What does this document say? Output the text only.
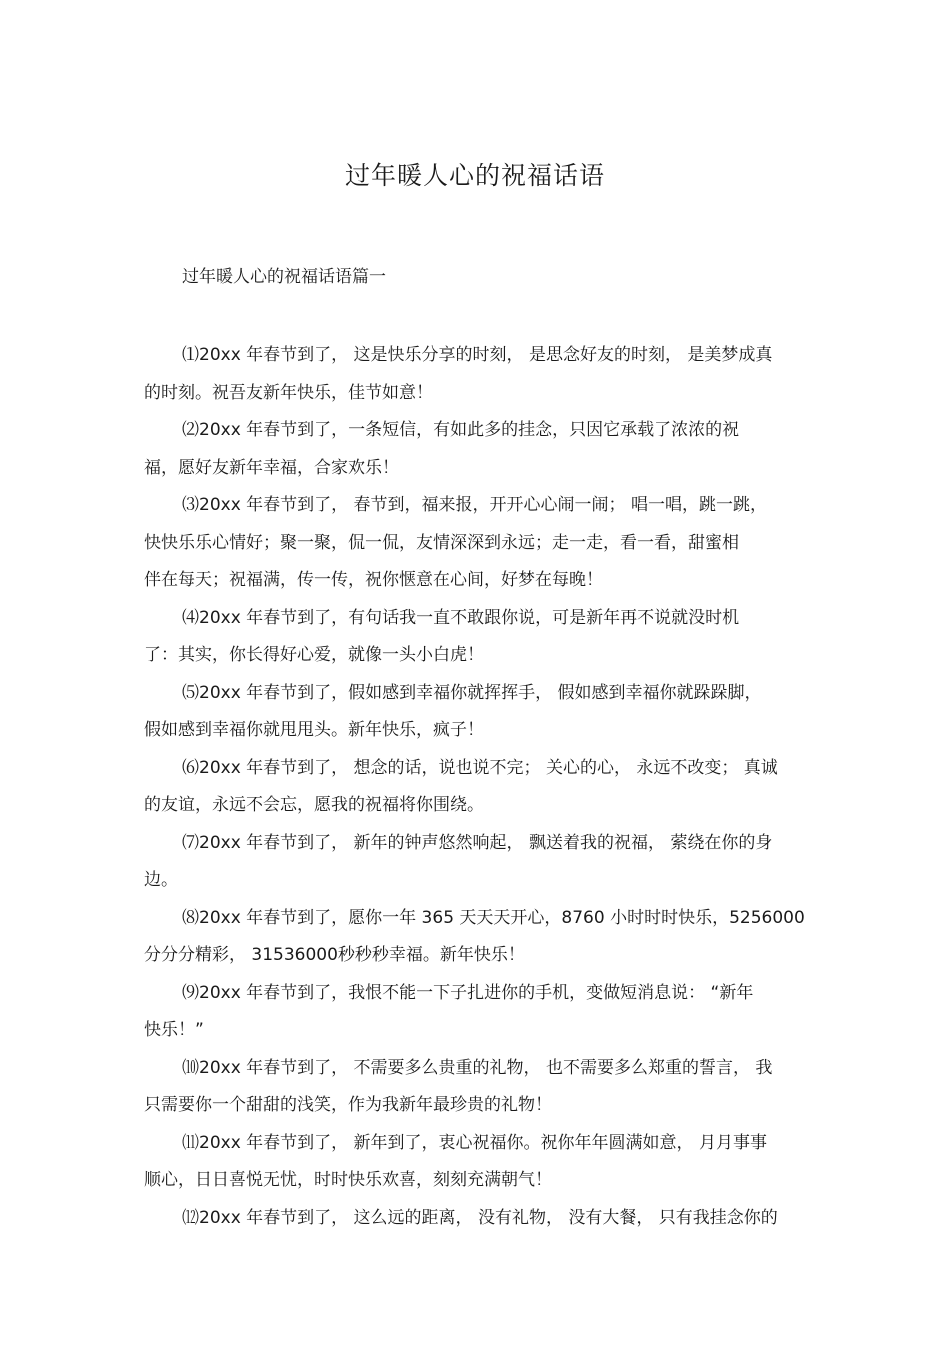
过年暖人心的祝福话语
过年暖人心的祝福话语篇一

⑴20xx 年春节到了， 这是快乐分享的时刻， 是思念好友的时刻， 是美梦成真
的时刻。祝吾友新年快乐，佳节如意！

⑵20xx 年春节到了，一条短信，有如此多的挂念，只因它承载了浓浓的祝
福，愿好友新年幸福，合家欢乐！

⑶20xx 年春节到了， 春节到，福来报，开开心心闹一闹； 唱一唱，跳一跳，
快快乐乐心情好；聚一聚，侃一侃，友情深深到永远；走一走，看一看，甜蜜相
伴在每天；祝福满，传一传，祝你惬意在心间，好梦在每晚！

⑷20xx 年春节到了，有句话我一直不敢跟你说，可是新年再不说就没时机
了：其实，你长得好心爱，就像一头小白虎！

⑸20xx 年春节到了，假如感到幸福你就挥挥手， 假如感到幸福你就跺跺脚，
假如感到幸福你就甩甩头。新年快乐，疯子！

⑹20xx 年春节到了， 想念的话，说也说不完； 关心的心， 永远不改变； 真诚
的友谊，永远不会忘，愿我的祝福将你围绕。

⑺20xx 年春节到了， 新年的钟声悠然响起， 飘送着我的祝福， 萦绕在你的身
边。

⑻20xx 年春节到了，愿你一年 365 天天天开心，8760 小时时时快乐，5256000
分分分精彩， 31536000秒秒秒幸福。新年快乐！

⑼20xx 年春节到了，我恨不能一下子扎进你的手机，变做短消息说： “新年
快乐！”

⑽20xx 年春节到了， 不需要多么贵重的礼物， 也不需要多么郑重的誓言， 我
只需要你一个甜甜的浅笑，作为我新年最珍贵的礼物！

⑾20xx 年春节到了， 新年到了，衷心祝福你。祝你年年圆满如意， 月月事事
顺心，日日喜悦无忧，时时快乐欢喜，刻刻充满朝气！

⑿20xx 年春节到了， 这么远的距离， 没有礼物， 没有大餐， 只有我挂念你的
